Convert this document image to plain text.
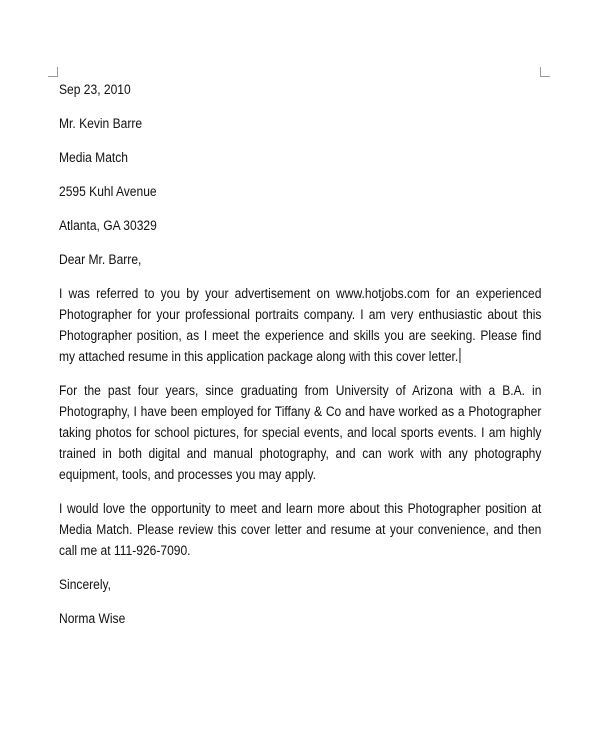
Sep 23, 2010
Mr. Kevin Barre
Media Match
2595 Kuhl Avenue
Atlanta, GA 30329
Dear Mr. Barre,
I was referred to you by your advertisement on www.hotjobs.com for an experienced Photographer for your professional portraits company. I am very enthusiastic about this Photographer position, as I meet the experience and skills you are seeking. Please find my attached resume in this application package along with this cover letter.
For the past four years, since graduating from University of Arizona with a B.A. in Photography, I have been employed for Tiffany & Co and have worked as a Photographer taking photos for school pictures, for special events, and local sports events. I am highly trained in both digital and manual photography, and can work with any photography equipment, tools, and processes you may apply.
I would love the opportunity to meet and learn more about this Photographer position at Media Match. Please review this cover letter and resume at your convenience, and then call me at 111-926-7090.
Sincerely,
Norma Wise
